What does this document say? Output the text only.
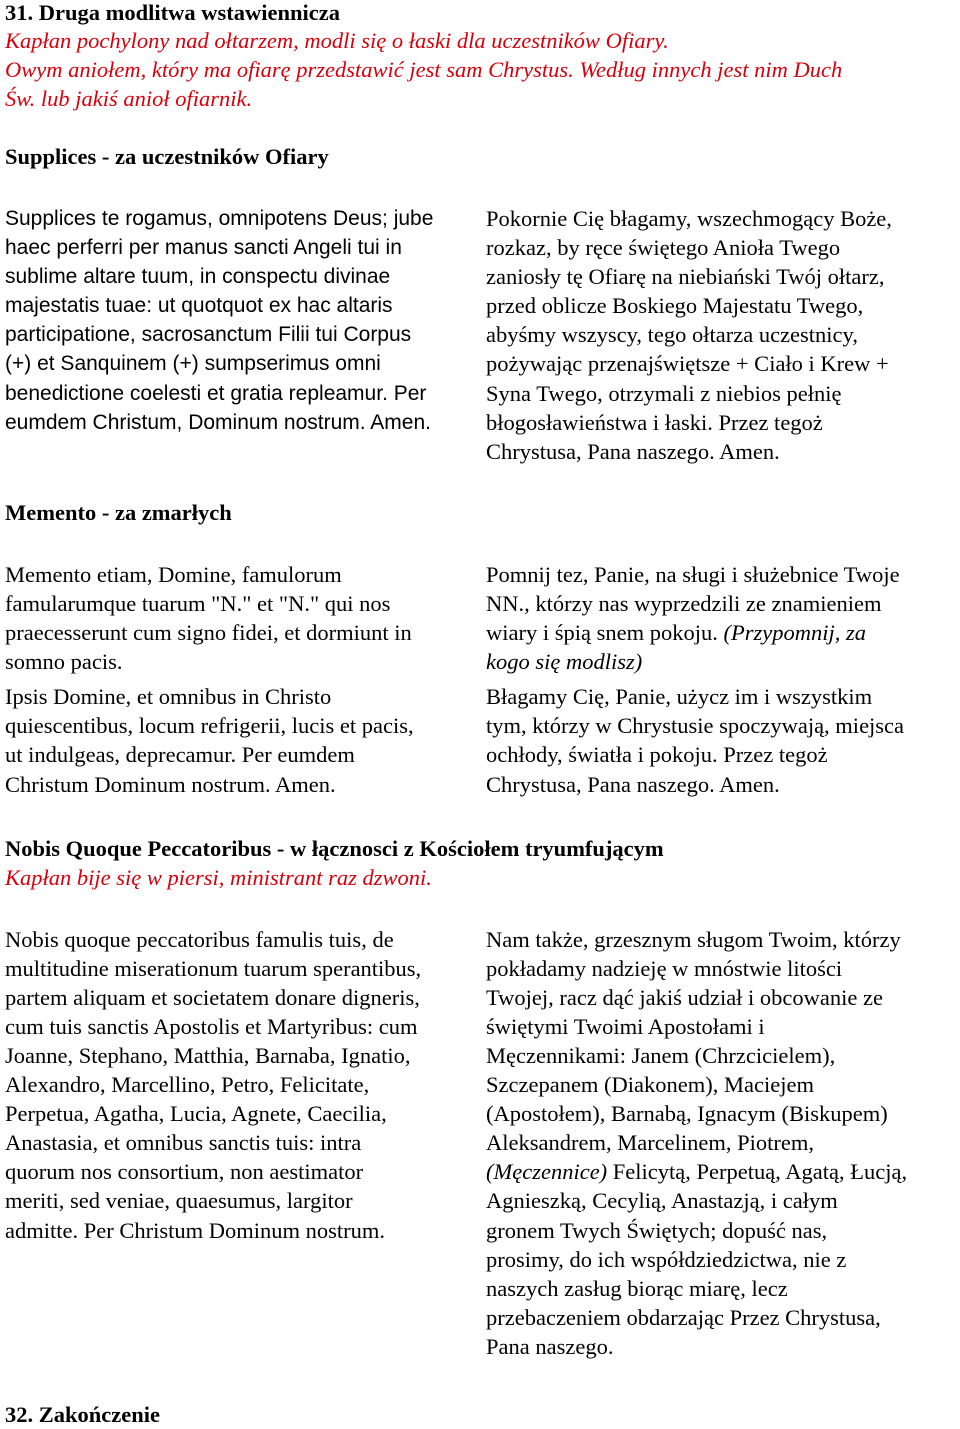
31. Druga modlitwa wstawiennicza

Kapłan pochylony nad ołtarzem, modli się o łaski dla uczestników Ofiary.

Owym aniołem, który ma ofiarę przedstawić jest sam Chrystus. Według innych jest nim Duch

Św. lub jakiś anioł ofiarnik.

Supplices - za uczestników Ofiary

Supplices te rogamus, omnipotens Deus; jube

haec perferri per manus sancti Angeli tui in

sublime altare tuum, in conspectu divinae

majestatis tuae: ut quotquot ex hac altaris

participatione, sacrosanctum Filii tui Corpus

(+) et Sanquinem (+) sumpserimus omni

benedictione coelesti et gratia repleamur. Per

eumdem Christum, Dominum nostrum. Amen.

Pokornie Cię błagamy, wszechmogący Boże,

rozkaz, by ręce świętego Anioła Twego

zaniosły tę Ofiarę na niebiański Twój ołtarz,

przed oblicze Boskiego Majestatu Twego,

abyśmy wszyscy, tego ołtarza uczestnicy,

pożywając przenajświętsze + Ciało i Krew +

Syna Twego, otrzymali z niebios pełnię

błogosławieństwa i łaski. Przez tegoż

Chrystusa, Pana naszego. Amen.

Memento - za zmarłych

Memento etiam, Domine, famulorum

famularumque tuarum "N." et "N." qui nos

praecesserunt cum signo fidei, et dormiunt in

somno pacis.

Ipsis Domine, et omnibus in Christo

quiescentibus, locum refrigerii, lucis et pacis,

ut indulgeas, deprecamur. Per eumdem

Christum Dominum nostrum. Amen.

Pomnij tez, Panie, na sługi i służebnice Twoje

NN., którzy nas wyprzedzili ze znamieniem

wiary i śpią snem pokoju. (Przypomnij, za

kogo się modlisz)

Błagamy Cię, Panie, użycz im i wszystkim

tym, którzy w Chrystusie spoczywają, miejsca

ochłody, światła i pokoju. Przez tegoż

Chrystusa, Pana naszego. Amen.

Nobis Quoque Peccatoribus - w łącznosci z Kościołem tryumfującym

Kapłan bije się w piersi, ministrant raz dzwoni.

Nobis quoque peccatoribus famulis tuis, de

multitudine miserationum tuarum sperantibus,

partem aliquam et societatem donare digneris,

cum tuis sanctis Apostolis et Martyribus: cum

Joanne, Stephano, Matthia, Barnaba, Ignatio,

Alexandro, Marcellino, Petro, Felicitate,

Perpetua, Agatha, Lucia, Agnete, Caecilia,

Anastasia, et omnibus sanctis tuis: intra

quorum nos consortium, non aestimator

meriti, sed veniae, quaesumus, largitor

admitte. Per Christum Dominum nostrum.

Nam także, grzesznym sługom Twoim, którzy

pokładamy nadzieję w mnóstwie litości

Twojej, racz dąć jakiś udział i obcowanie ze

świętymi Twoimi Apostołami i

Męczennikami: Janem (Chrzcicielem),

Szczepanem (Diakonem), Maciejem

(Apostołem), Barnabą, Ignacym (Biskupem)

Aleksandrem, Marcelinem, Piotrem,

(Męczennice) Felicytą, Perpetuą, Agatą, Łucją,

Agnieszką, Cecylią, Anastazją, i całym

gronem Twych Świętych; dopuść nas,

prosimy, do ich współdziedzictwa, nie z

naszych zasług biorąc miarę, lecz

przebaczeniem obdarzając Przez Chrystusa,

Pana naszego.

32. Zakończenie
